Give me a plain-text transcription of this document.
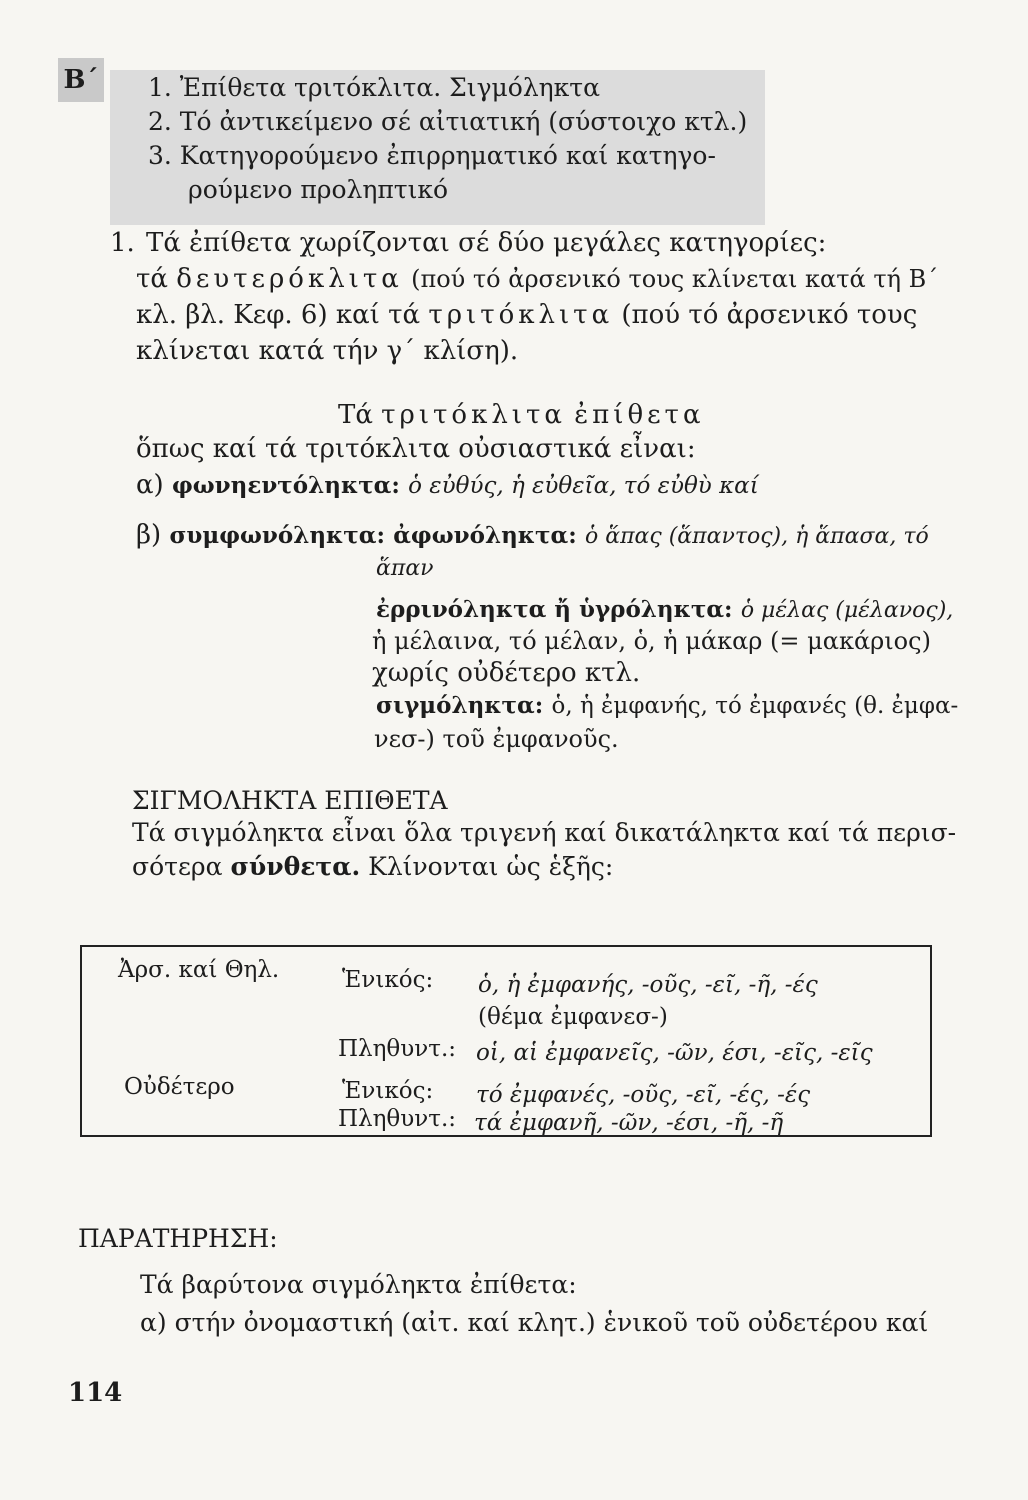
Β΄ 1. Ἐπίθετα τριτόκλιτα. Σιγμόληκτα
2. Τό ἀντικείμενο σέ αἰτιατική (σύστοιχο κτλ.)
3. Κατηγορούμενο ἐπιρρηματικό καί κατηγο-
ρούμενο προληπτικό
1. Τά ἐπίθετα χωρίζονται σέ δύο μεγάλες κατηγορίες:
τά δευτερόκλιτα (πού τό ἀρσενικό τους κλίνεται κατά τή Β΄
κλ. βλ. Κεφ. 6) καί τά τριτόκλιτα (πού τό ἀρσενικό τους
κλίνεται κατά τήν γ΄ κλίση).
Τά τριτόκλιτα ἐπίθετα
ὅπως καί τά τριτόκλιτα οὐσιαστικά εἶναι:
α) φωνηεντόληκτα: ὁ εὐθύς, ἡ εὐθεῖα, τό εὐθὺ καί
β) συμφωνόληκτα: ἀφωνόληκτα: ὁ ἅπας (ἅπαντος), ἡ ἅπασα, τό
ἅπαν
ἐρρινόληκτα ἤ ὑγρόληκτα: ὁ μέλας (μέλανος),
ἡ μέλαινα, τό μέλαν, ὁ, ἡ μάκαρ (= μακάριος)
χωρίς οὐδέτερο κτλ.
σιγμόληκτα: ὁ, ἡ ἐμφανής, τό ἐμφανές (θ. ἐμφα-
νεσ-) τοῦ ἐμφανοῦς.
ΣΙΓΜΟΛΗΚΤΑ ΕΠΙΘΕΤΑ
Τά σιγμόληκτα εἶναι ὅλα τριγενή καί δικατάληκτα καί τά περισ-
σότερα σύνθετα. Κλίνονται ὡς ἑξῆς:
Ἀρσ. καί Θηλ.	Ἑνικός: ὁ, ἡ ἐμφανής, -οῦς, -εῖ, -ῆ, -ές
(θέμα ἐμφανεσ-)
Πληθυντ.: οἱ, αἱ ἐμφανεῖς, -ῶν, έσι, -εῖς, -εῖς
Οὐδέτερο	Ἑνικός: τό ἐμφανές, -οῦς, -εῖ, -ές, -ές
Πληθυντ.: τά ἐμφανῆ, -ῶν, -έσι, -ῆ, -ῆ
ΠΑΡΑΤΗΡΗΣΗ:
Τά βαρύτονα σιγμόληκτα ἐπίθετα:
α) στήν ὀνομαστική (αἰτ. καί κλητ.) ἑνικοῦ τοῦ οὐδετέρου καί
114
